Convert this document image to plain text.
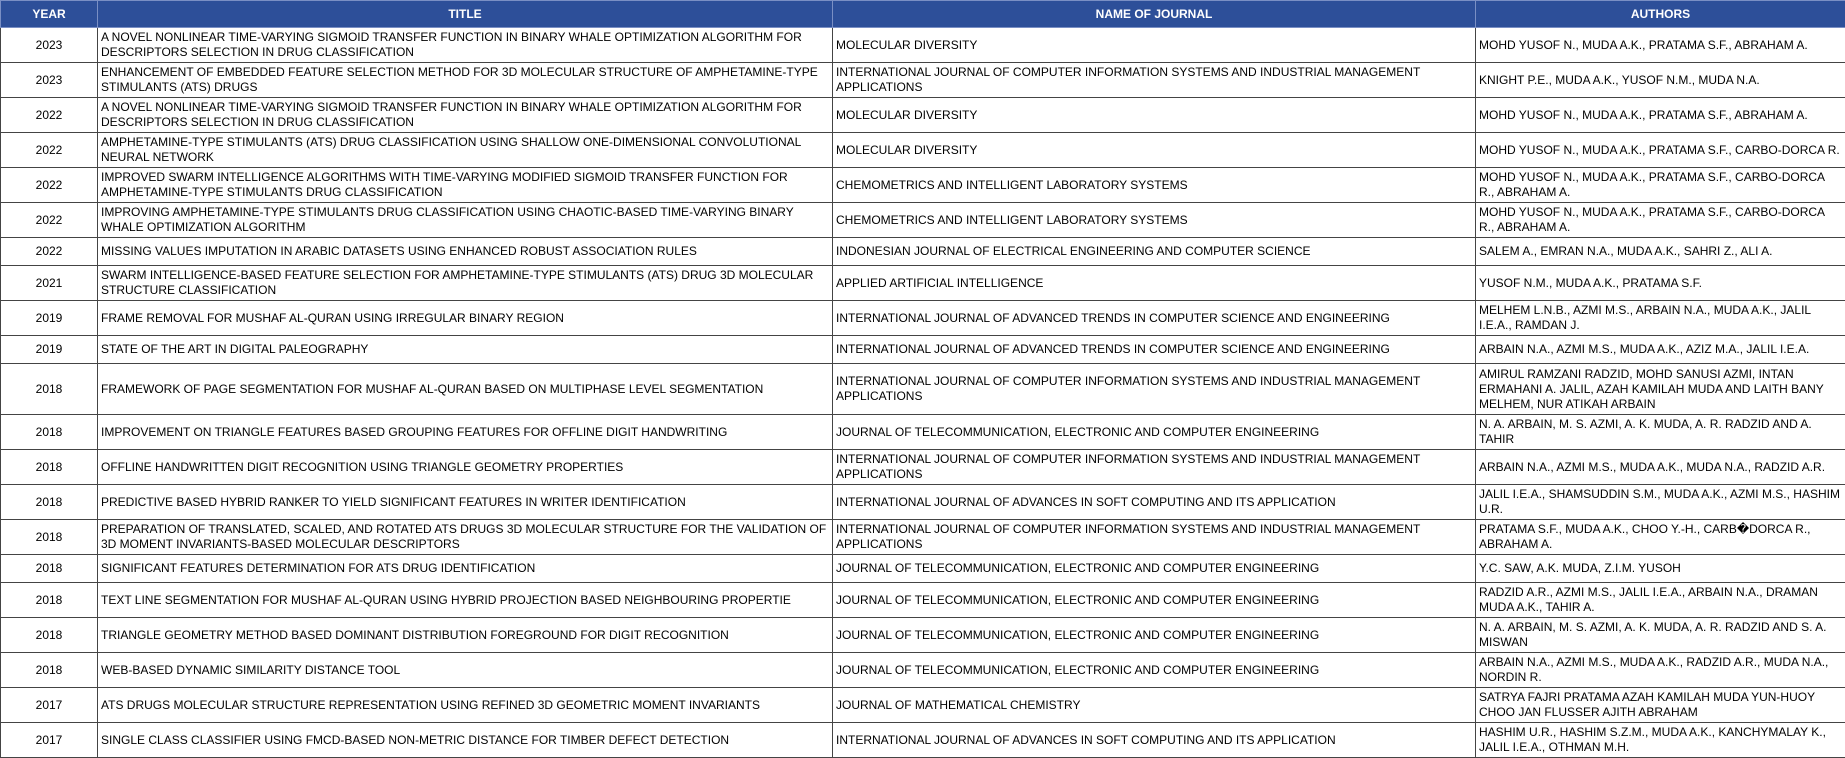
YEAR	TITLE	NAME OF JOURNAL	AUTHORS
2023	A NOVEL NONLINEAR TIME-VARYING SIGMOID TRANSFER FUNCTION IN BINARY WHALE OPTIMIZATION ALGORITHM FOR DESCRIPTORS SELECTION IN DRUG CLASSIFICATION	MOLECULAR DIVERSITY	MOHD YUSOF N., MUDA A.K., PRATAMA S.F., ABRAHAM A.
2023	ENHANCEMENT OF EMBEDDED FEATURE SELECTION METHOD FOR 3D MOLECULAR STRUCTURE OF AMPHETAMINE-TYPE STIMULANTS (ATS) DRUGS	INTERNATIONAL JOURNAL OF COMPUTER INFORMATION SYSTEMS AND INDUSTRIAL MANAGEMENT APPLICATIONS	KNIGHT P.E., MUDA A.K., YUSOF N.M., MUDA N.A.
2022	A NOVEL NONLINEAR TIME-VARYING SIGMOID TRANSFER FUNCTION IN BINARY WHALE OPTIMIZATION ALGORITHM FOR DESCRIPTORS SELECTION IN DRUG CLASSIFICATION	MOLECULAR DIVERSITY	MOHD YUSOF N., MUDA A.K., PRATAMA S.F., ABRAHAM A.
2022	AMPHETAMINE-TYPE STIMULANTS (ATS) DRUG CLASSIFICATION USING SHALLOW ONE-DIMENSIONAL CONVOLUTIONAL NEURAL NETWORK	MOLECULAR DIVERSITY	MOHD YUSOF N., MUDA A.K., PRATAMA S.F., CARBO-DORCA R.
2022	IMPROVED SWARM INTELLIGENCE ALGORITHMS WITH TIME-VARYING MODIFIED SIGMOID TRANSFER FUNCTION FOR AMPHETAMINE-TYPE STIMULANTS DRUG CLASSIFICATION	CHEMOMETRICS AND INTELLIGENT LABORATORY SYSTEMS	MOHD YUSOF N., MUDA A.K., PRATAMA S.F., CARBO-DORCA R., ABRAHAM A.
2022	IMPROVING AMPHETAMINE-TYPE STIMULANTS DRUG CLASSIFICATION USING CHAOTIC-BASED TIME-VARYING BINARY WHALE OPTIMIZATION ALGORITHM	CHEMOMETRICS AND INTELLIGENT LABORATORY SYSTEMS	MOHD YUSOF N., MUDA A.K., PRATAMA S.F., CARBO-DORCA R., ABRAHAM A.
2022	MISSING VALUES IMPUTATION IN ARABIC DATASETS USING ENHANCED ROBUST ASSOCIATION RULES	INDONESIAN JOURNAL OF ELECTRICAL ENGINEERING AND COMPUTER SCIENCE	SALEM A., EMRAN N.A., MUDA A.K., SAHRI Z., ALI A.
2021	SWARM INTELLIGENCE-BASED FEATURE SELECTION FOR AMPHETAMINE-TYPE STIMULANTS (ATS) DRUG 3D MOLECULAR STRUCTURE CLASSIFICATION	APPLIED ARTIFICIAL INTELLIGENCE	YUSOF N.M., MUDA A.K., PRATAMA S.F.
2019	FRAME REMOVAL FOR MUSHAF AL-QURAN USING IRREGULAR BINARY REGION	INTERNATIONAL JOURNAL OF ADVANCED TRENDS IN COMPUTER SCIENCE AND ENGINEERING	MELHEM L.N.B., AZMI M.S., ARBAIN N.A., MUDA A.K., JALIL I.E.A., RAMDAN J.
2019	STATE OF THE ART IN DIGITAL PALEOGRAPHY	INTERNATIONAL JOURNAL OF ADVANCED TRENDS IN COMPUTER SCIENCE AND ENGINEERING	ARBAIN N.A., AZMI M.S., MUDA A.K., AZIZ M.A., JALIL I.E.A.
2018	FRAMEWORK OF PAGE SEGMENTATION FOR MUSHAF AL-QURAN BASED ON MULTIPHASE LEVEL SEGMENTATION	INTERNATIONAL JOURNAL OF COMPUTER INFORMATION SYSTEMS AND INDUSTRIAL MANAGEMENT APPLICATIONS	AMIRUL RAMZANI RADZID, MOHD SANUSI AZMI, INTAN ERMAHANI A. JALIL, AZAH KAMILAH MUDA AND LAITH BANY MELHEM, NUR ATIKAH ARBAIN
2018	IMPROVEMENT ON TRIANGLE FEATURES BASED GROUPING FEATURES FOR OFFLINE DIGIT HANDWRITING	JOURNAL OF TELECOMMUNICATION, ELECTRONIC AND COMPUTER ENGINEERING	N. A. ARBAIN, M. S. AZMI, A. K. MUDA, A. R. RADZID AND A. TAHIR
2018	OFFLINE HANDWRITTEN DIGIT RECOGNITION USING TRIANGLE GEOMETRY PROPERTIES	INTERNATIONAL JOURNAL OF COMPUTER INFORMATION SYSTEMS AND INDUSTRIAL MANAGEMENT APPLICATIONS	ARBAIN N.A., AZMI M.S., MUDA A.K., MUDA N.A., RADZID A.R.
2018	PREDICTIVE BASED HYBRID RANKER TO YIELD SIGNIFICANT FEATURES IN WRITER IDENTIFICATION	INTERNATIONAL JOURNAL OF ADVANCES IN SOFT COMPUTING AND ITS APPLICATION	JALIL I.E.A., SHAMSUDDIN S.M., MUDA A.K., AZMI M.S., HASHIM U.R.
2018	PREPARATION OF TRANSLATED, SCALED, AND ROTATED ATS DRUGS 3D MOLECULAR STRUCTURE FOR THE VALIDATION OF 3D MOMENT INVARIANTS-BASED MOLECULAR DESCRIPTORS	INTERNATIONAL JOURNAL OF COMPUTER INFORMATION SYSTEMS AND INDUSTRIAL MANAGEMENT APPLICATIONS	PRATAMA S.F., MUDA A.K., CHOO Y.-H., CARB�DORCA R., ABRAHAM A.
2018	SIGNIFICANT FEATURES DETERMINATION FOR ATS DRUG IDENTIFICATION	JOURNAL OF TELECOMMUNICATION, ELECTRONIC AND COMPUTER ENGINEERING	Y.C. SAW, A.K. MUDA, Z.I.M. YUSOH
2018	TEXT LINE SEGMENTATION FOR MUSHAF AL-QURAN USING HYBRID PROJECTION BASED NEIGHBOURING PROPERTIE	JOURNAL OF TELECOMMUNICATION, ELECTRONIC AND COMPUTER ENGINEERING	RADZID A.R., AZMI M.S., JALIL I.E.A., ARBAIN N.A., DRAMAN MUDA A.K., TAHIR A.
2018	TRIANGLE GEOMETRY METHOD BASED DOMINANT DISTRIBUTION FOREGROUND FOR DIGIT RECOGNITION	JOURNAL OF TELECOMMUNICATION, ELECTRONIC AND COMPUTER ENGINEERING	N. A. ARBAIN, M. S. AZMI, A. K. MUDA, A. R. RADZID AND S. A. MISWAN
2018	WEB-BASED DYNAMIC SIMILARITY DISTANCE TOOL	JOURNAL OF TELECOMMUNICATION, ELECTRONIC AND COMPUTER ENGINEERING	ARBAIN N.A., AZMI M.S., MUDA A.K., RADZID A.R., MUDA N.A., NORDIN R.
2017	ATS DRUGS MOLECULAR STRUCTURE REPRESENTATION USING REFINED 3D GEOMETRIC MOMENT INVARIANTS	JOURNAL OF MATHEMATICAL CHEMISTRY	SATRYA FAJRI PRATAMA AZAH KAMILAH MUDA YUN-HUOY CHOO JAN FLUSSER AJITH ABRAHAM
2017	SINGLE CLASS CLASSIFIER USING FMCD-BASED NON-METRIC DISTANCE FOR TIMBER DEFECT DETECTION	INTERNATIONAL JOURNAL OF ADVANCES IN SOFT COMPUTING AND ITS APPLICATION	HASHIM U.R., HASHIM S.Z.M., MUDA A.K., KANCHYMALAY K., JALIL I.E.A., OTHMAN M.H.
